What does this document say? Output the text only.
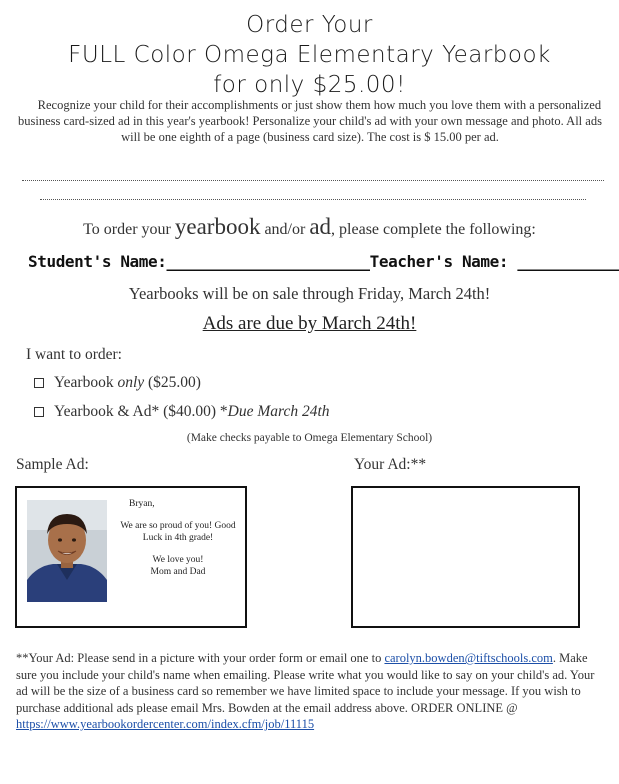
Order Your
FULL Color Omega Elementary Yearbook
for only $25.00!
Recognize your child for their accomplishments or just show them how much you love them with a personalized business card-sized ad in this year's yearbook! Personalize your child's ad with your own message and photo. All ads will be one eighth of a page (business card size). The cost is $ 15.00 per ad.
To order your yearbook and/or ad, please complete the following:
Student's Name:______________________Teacher's Name: ___________
Yearbooks will be on sale through Friday, March 24th!
Ads are due by March 24th!
I want to order:
Yearbook only ($25.00)
Yearbook & Ad* ($40.00) *Due March 24th
(Make checks payable to Omega Elementary School)
Sample Ad:	Your Ad:**
Bryan,
We are so proud of you! Good Luck in 4th grade!
We love you!
Mom and Dad
**Your Ad: Please send in a picture with your order form or email one to carolyn.bowden@tiftschools.com. Make sure you include your child's name when emailing. Please write what you would like to say on your child's ad. Your ad will be the size of a business card so remember we have limited space to include your message. If you wish to purchase additional ads please email Mrs. Bowden at the email address above. ORDER ONLINE @ https://www.yearbookordercenter.com/index.cfm/job/11115
